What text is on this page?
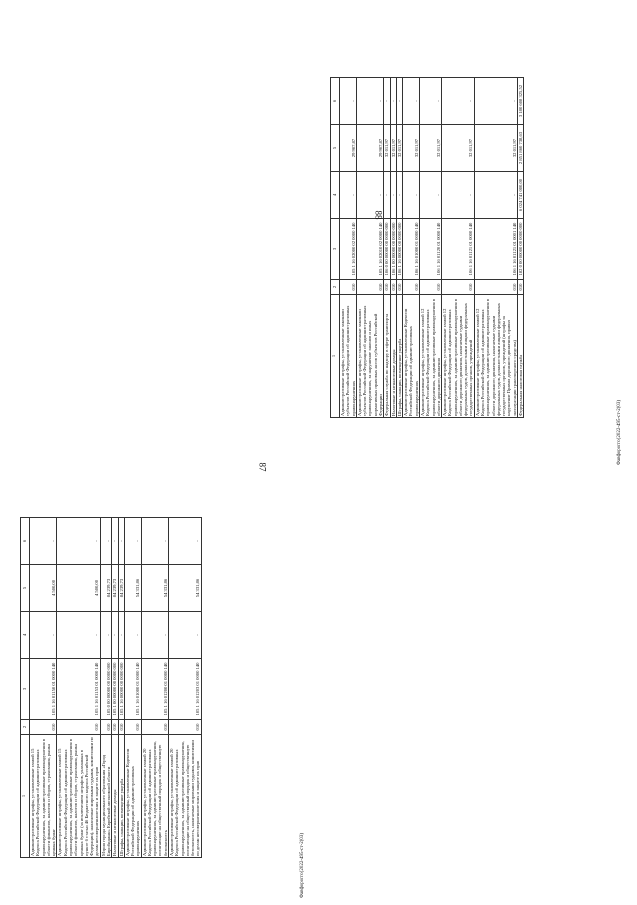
1	2	3	4	5	6
Административные штрафы, установленные главой 15 Кодекса Российской Федерации об административных правонарушениях, за административные правонарушения в области финансов, налогов и сборов, страхования, рынка ценных бумаг	010	105 1 16 01150 01 0000 140	-	4 500,00	-
Административные штрафы, установленные главой 15 Кодекса Российской Федерации об административных правонарушениях, за административные правонарушения в области финансов, налогов и сборов, страхования, рынка ценных бумаг (за исключением штрафов, указанных в пункте 6 статьи 46 Бюджетного кодекса Российской Федерации), налагаемые мировыми судьями, комиссиями по делам несовершеннолетних и защите их прав	010	105 1 16 01153 01 0000 140	-	4 500,00	-
Мэрия города муниципального образования «Город Биробиджан» Еврейской автономной области	010	105 0 00 00000 00 0000 000	-	84 239,73	-
Налоговые и неналоговые доходы	010	105 1 00 00000 00 0000 000	-	84 239,73	-
Штрафы, санкции, возмещение ущерба	010	105 1 16 00000 00 0000 000	-	84 239,73	-
Административные штрафы, установленные Кодексом Российской Федерации об административных правонарушениях	010	105 1 16 01000 01 0000 140	-	54 331,86	-
Административные штрафы, установленные главой 20 Кодекса Российской Федерации об административных правонарушениях, за административные правонарушения, посягающие на общественный порядок и общественную безопасность	010	105 1 16 01200 01 0000 140	-	54 331,86	-
Административные штрафы, установленные главой 20 Кодекса Российской Федерации об административных правонарушениях, за административные правонарушения, посягающие на общественный порядок и общественную безопасность, налагаемые мировыми судьями, комиссиями по делам несовершеннолетних и защите их прав	010	105 1 16 01203 01 0000 140	-	54 331,86	-
87
Фавфорогго(2022-495-ст-2(03)
1	2	3	4	5	6
Административные штрафы, установленные законами субъектов Российской Федерации об административных правонарушениях	010	105 1 16 02000 02 0000 140	-	29 907,87	-
Административные штрафы, установленные законами субъектов Российской Федерации об административных правонарушениях, за нарушение законов и иных нормативных правовых актов субъектов Российской Федерации	010	105 1 16 02010 02 0000 140	-	29 907,87	-
Федеральная служба по надзору в сфере транспорта	010	106 0 00 00000 00 0000 000	-	32 011,97	-
Налоговые и неналоговые доходы	010	106 1 00 00000 00 0000 000	-	32 011,97	-
Штрафы, санкции, возмещение ущерба	010	106 1 16 00000 00 0000 000	-	32 011,97	-
Административные штрафы, установленные Кодексом Российской Федерации об административных правонарушениях	010	106 1 16 01000 01 0000 140	-	32 011,97	-
Административные штрафы, установленные главой 12 Кодекса Российской Федерации об административных правонарушениях, за административные правонарушения в области дорожного движения	010	106 1 16 01120 01 0000 140	-	32 011,97	-
Административные штрафы, установленные главой 12 Кодекса Российской Федерации об административных правонарушениях, за административные правонарушения в области дорожного движения, налагаемые судьями федеральных судов, должностными лицами федеральных государственных органов, учреждений	010	106 1 16 01121 01 0000 140	-	32 011,97	-
Административные штрафы, установленные главой 12 Кодекса Российской Федерации об административных правонарушениях, за административные правонарушения в области дорожного движения, налагаемые судьями федеральных судов, должностными лицами федеральных государственных органов, учреждений (штрафы за нарушение Правил дорожного движения, правил эксплуатации транспортного средства)	010	106 1 16 01121 01 0001 140	-	32 011,97	-
Федеральная налоговая служба	010	182 0 00 00000 00 0000 000	6 024 741 000,00	2 851 860 738,63	3 180 608 325,52
88
Фавфорогго(2022-495-ст-2(03)
